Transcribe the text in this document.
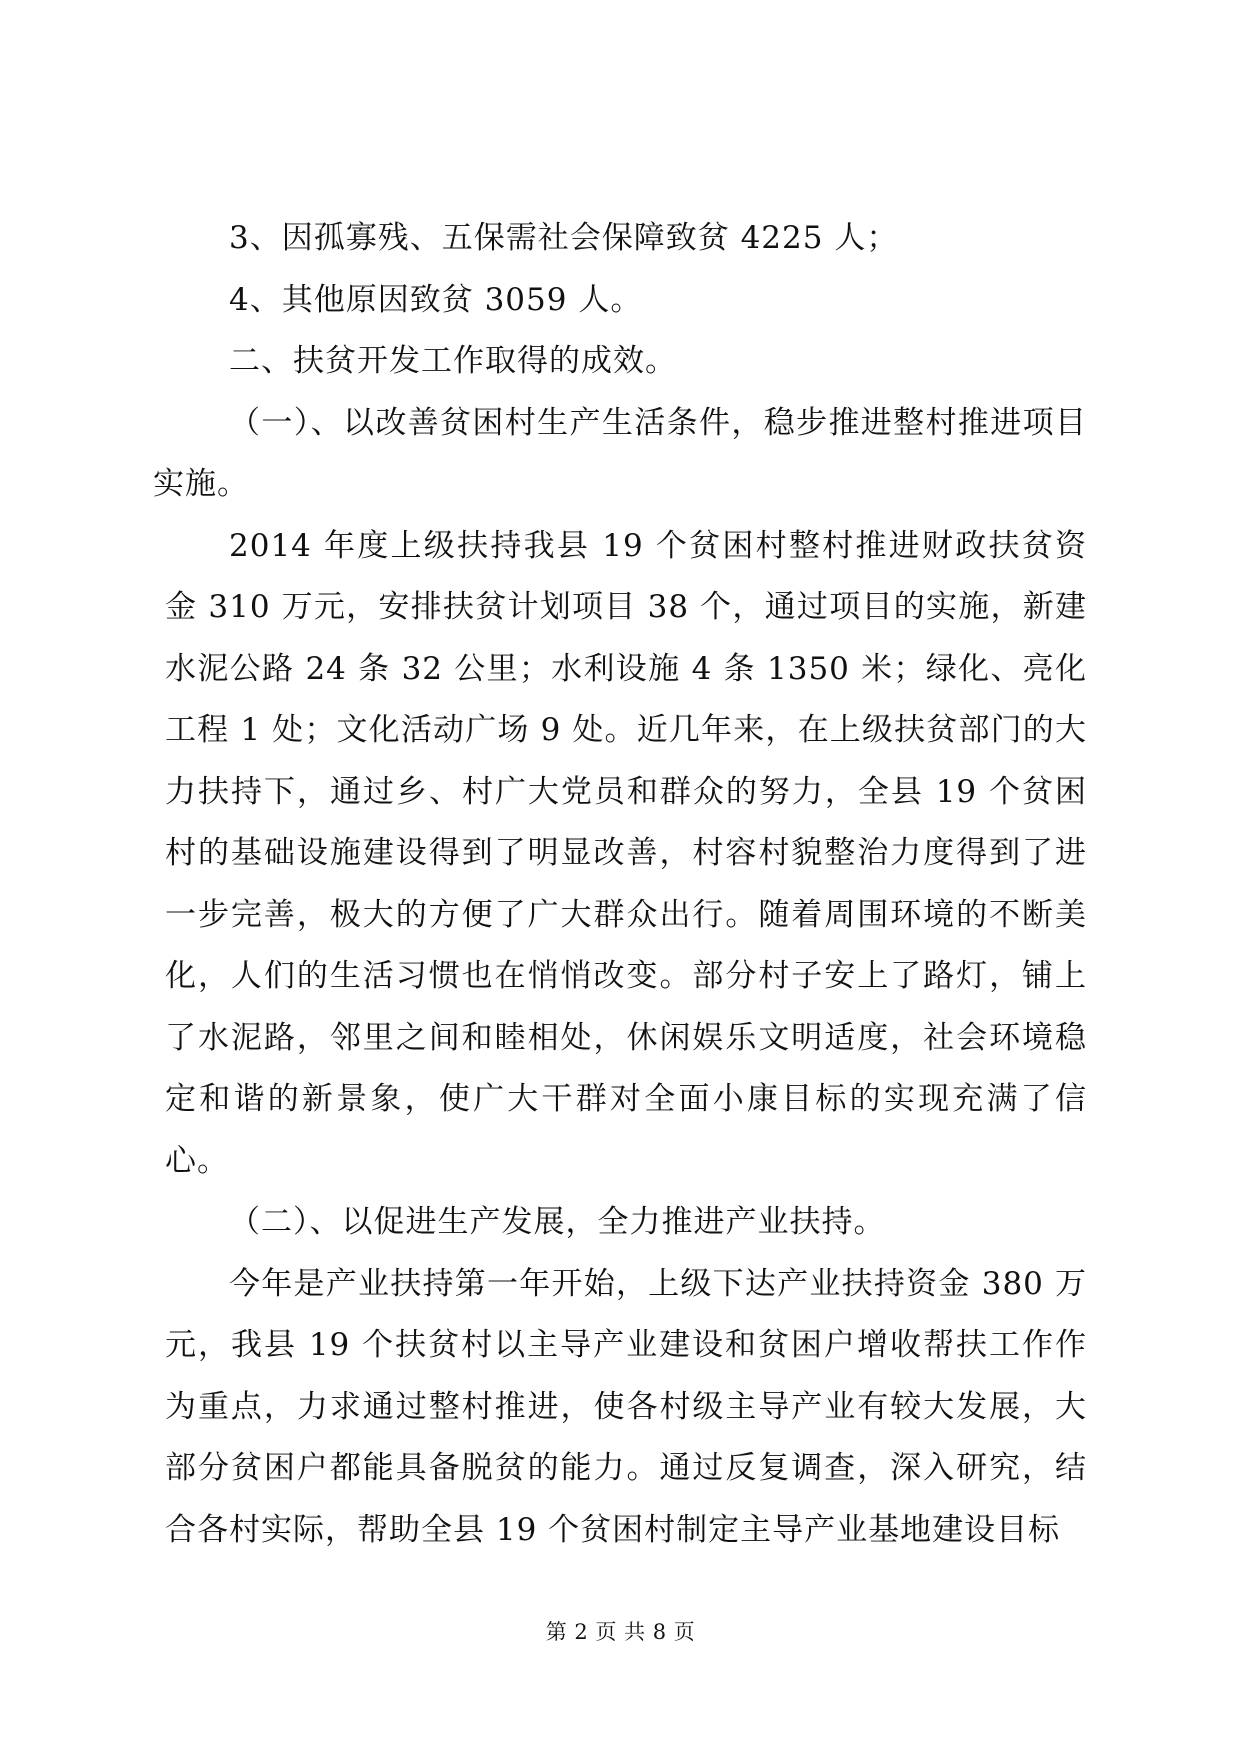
3、因孤寡残、五保需社会保障致贫 4225 人；

4、其他原因致贫 3059 人。

二、扶贫开发工作取得的成效。

（一）、以改善贫困村生产生活条件，稳步推进整村推进项目实施。

2014 年度上级扶持我县 19 个贫困村整村推进财政扶贫资金 310 万元，安排扶贫计划项目 38 个，通过项目的实施，新建水泥公路 24 条 32 公里；水利设施 4 条 1350 米；绿化、亮化工程 1 处；文化活动广场 9 处。近几年来，在上级扶贫部门的大力扶持下，通过乡、村广大党员和群众的努力，全县 19 个贫困村的基础设施建设得到了明显改善，村容村貌整治力度得到了进一步完善，极大的方便了广大群众出行。随着周围环境的不断美化，人们的生活习惯也在悄悄改变。部分村子安上了路灯，铺上了水泥路，邻里之间和睦相处，休闲娱乐文明适度，社会环境稳定和谐的新景象，使广大干群对全面小康目标的实现充满了信心。

（二）、以促进生产发展，全力推进产业扶持。

今年是产业扶持第一年开始，上级下达产业扶持资金 380 万元，我县 19 个扶贫村以主导产业建设和贫困户增收帮扶工作作为重点，力求通过整村推进，使各村级主导产业有较大发展，大部分贫困户都能具备脱贫的能力。通过反复调查，深入研究，结合各村实际，帮助全县 19 个贫困村制定主导产业基地建设目标

第 2 页 共 8 页
